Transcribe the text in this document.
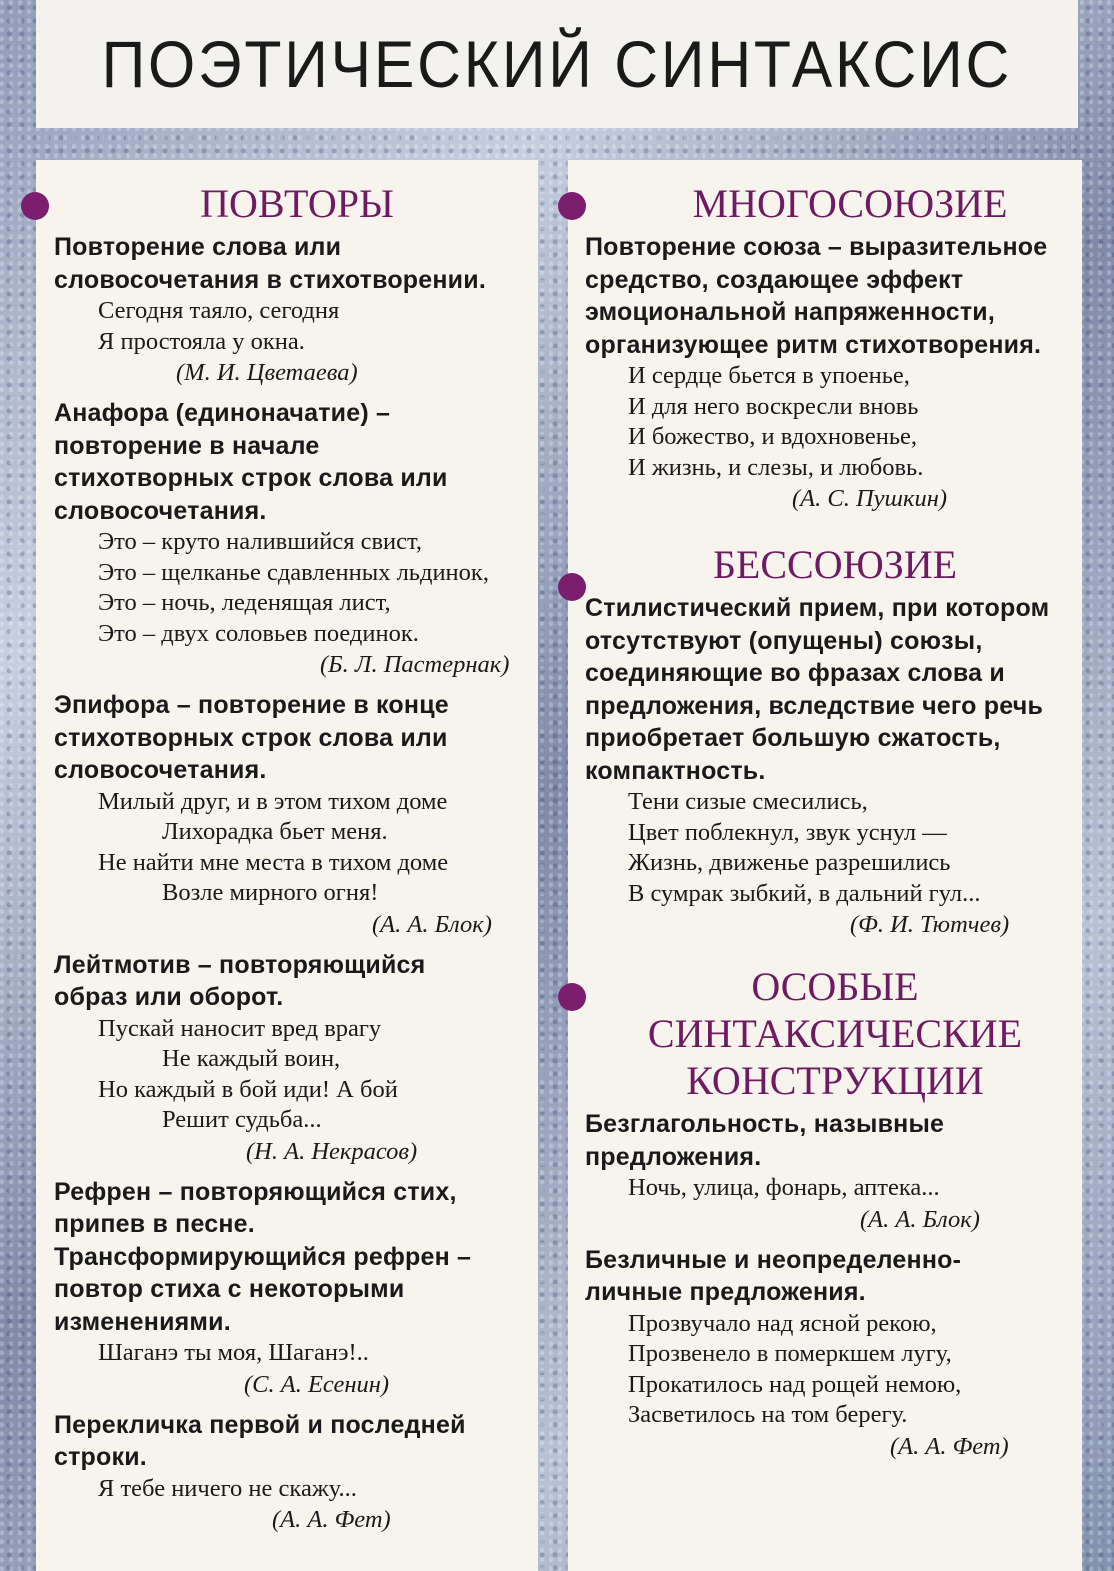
ПОЭТИЧЕСКИЙ СИНТАКСИС
ПОВТОРЫ

Повторение слова или словосочетания в стихотворении.

Сегодня таяло, сегодня
Я простояла у окна.
(М. И. Цветаева)

Анафора (единоначатие) – повторение в начале стихотворных строк слова или словосочетания.

Это – круто налившийся свист,
Это – щелканье сдавленных льдинок,
Это – ночь, леденящая лист,
Это – двух соловьев поединок.
(Б. Л. Пастернак)

Эпифора – повторение в конце стихотворных строк слова или словосочетания.

Милый друг, и в этом тихом доме
Лихорадка бьет меня.
Не найти мне места в тихом доме
Возле мирного огня!
(А. А. Блок)

Лейтмотив – повторяющийся образ или оборот.

Пускай наносит вред врагу
Не каждый воин,
Но каждый в бой иди! А бой
Решит судьба...
(Н. А. Некрасов)

Рефрен – повторяющийся стих, припев в песне. Трансформирующийся рефрен – повтор стиха с некоторыми изменениями.

Шаганэ ты моя, Шаганэ!..
(С. А. Есенин)

Перекличка первой и последней строки.

Я тебе ничего не скажу...
(А. А. Фет)
МНОГОСОЮЗИЕ

Повторение союза – выразительное средство, создающее эффект эмоциональной напряженности, организующее ритм стихотворения.

И сердце бьется в упоенье,
И для него воскресли вновь
И божество, и вдохновенье,
И жизнь, и слезы, и любовь.
(А. С. Пушкин)
БЕССОЮЗИЕ

Стилистический прием, при котором отсутствуют (опущены) союзы, соединяющие во фразах слова и предложения, вследствие чего речь приобретает большую сжатость, компактность.

Тени сизые смесились,
Цвет поблекнул, звук уснул —
Жизнь, движенье разрешились
В сумрак зыбкий, в дальний гул...
(Ф. И. Тютчев)
ОСОБЫЕ СИНТАКСИЧЕСКИЕ КОНСТРУКЦИИ

Безглагольность, назывные предложения.

Ночь, улица, фонарь, аптека...
(А. А. Блок)

Безличные и неопределенно-личные предложения.

Прозвучало над ясной рекою,
Прозвенело в померкшем лугу,
Прокатилось над рощей немою,
Засветилось на том берегу.
(А. А. Фет)
